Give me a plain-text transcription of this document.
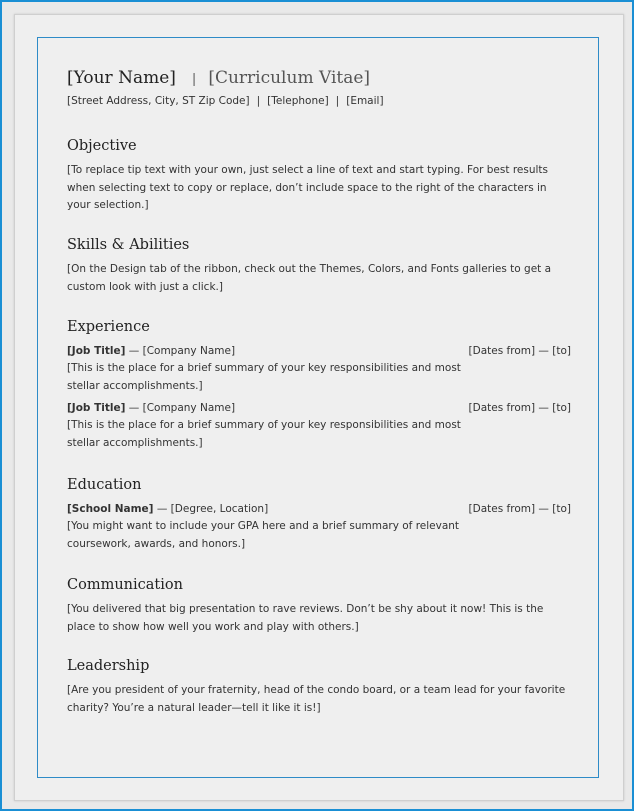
[Your Name] | [Curriculum Vitae]
[Street Address, City, ST Zip Code] | [Telephone] | [Email]
Objective

[To replace tip text with your own, just select a line of text and start typing. For best results when selecting text to copy or replace, don’t include space to the right of the characters in your selection.]

Skills & Abilities

[On the Design tab of the ribbon, check out the Themes, Colors, and Fonts galleries to get a custom look with just a click.]

Experience
[Job Title] — [Company Name]	[Dates from] — [to]
[This is the place for a brief summary of your key responsibilities and most stellar accomplishments.]
[Job Title] — [Company Name]	[Dates from] — [to]
[This is the place for a brief summary of your key responsibilities and most stellar accomplishments.]
Education
[School Name] — [Degree, Location]	[Dates from] — [to]
[You might want to include your GPA here and a brief summary of relevant coursework, awards, and honors.]
Communication

[You delivered that big presentation to rave reviews. Don’t be shy about it now! This is the place to show how well you work and play with others.]

Leadership

[Are you president of your fraternity, head of the condo board, or a team lead for your favorite charity? You’re a natural leader—tell it like it is!]
